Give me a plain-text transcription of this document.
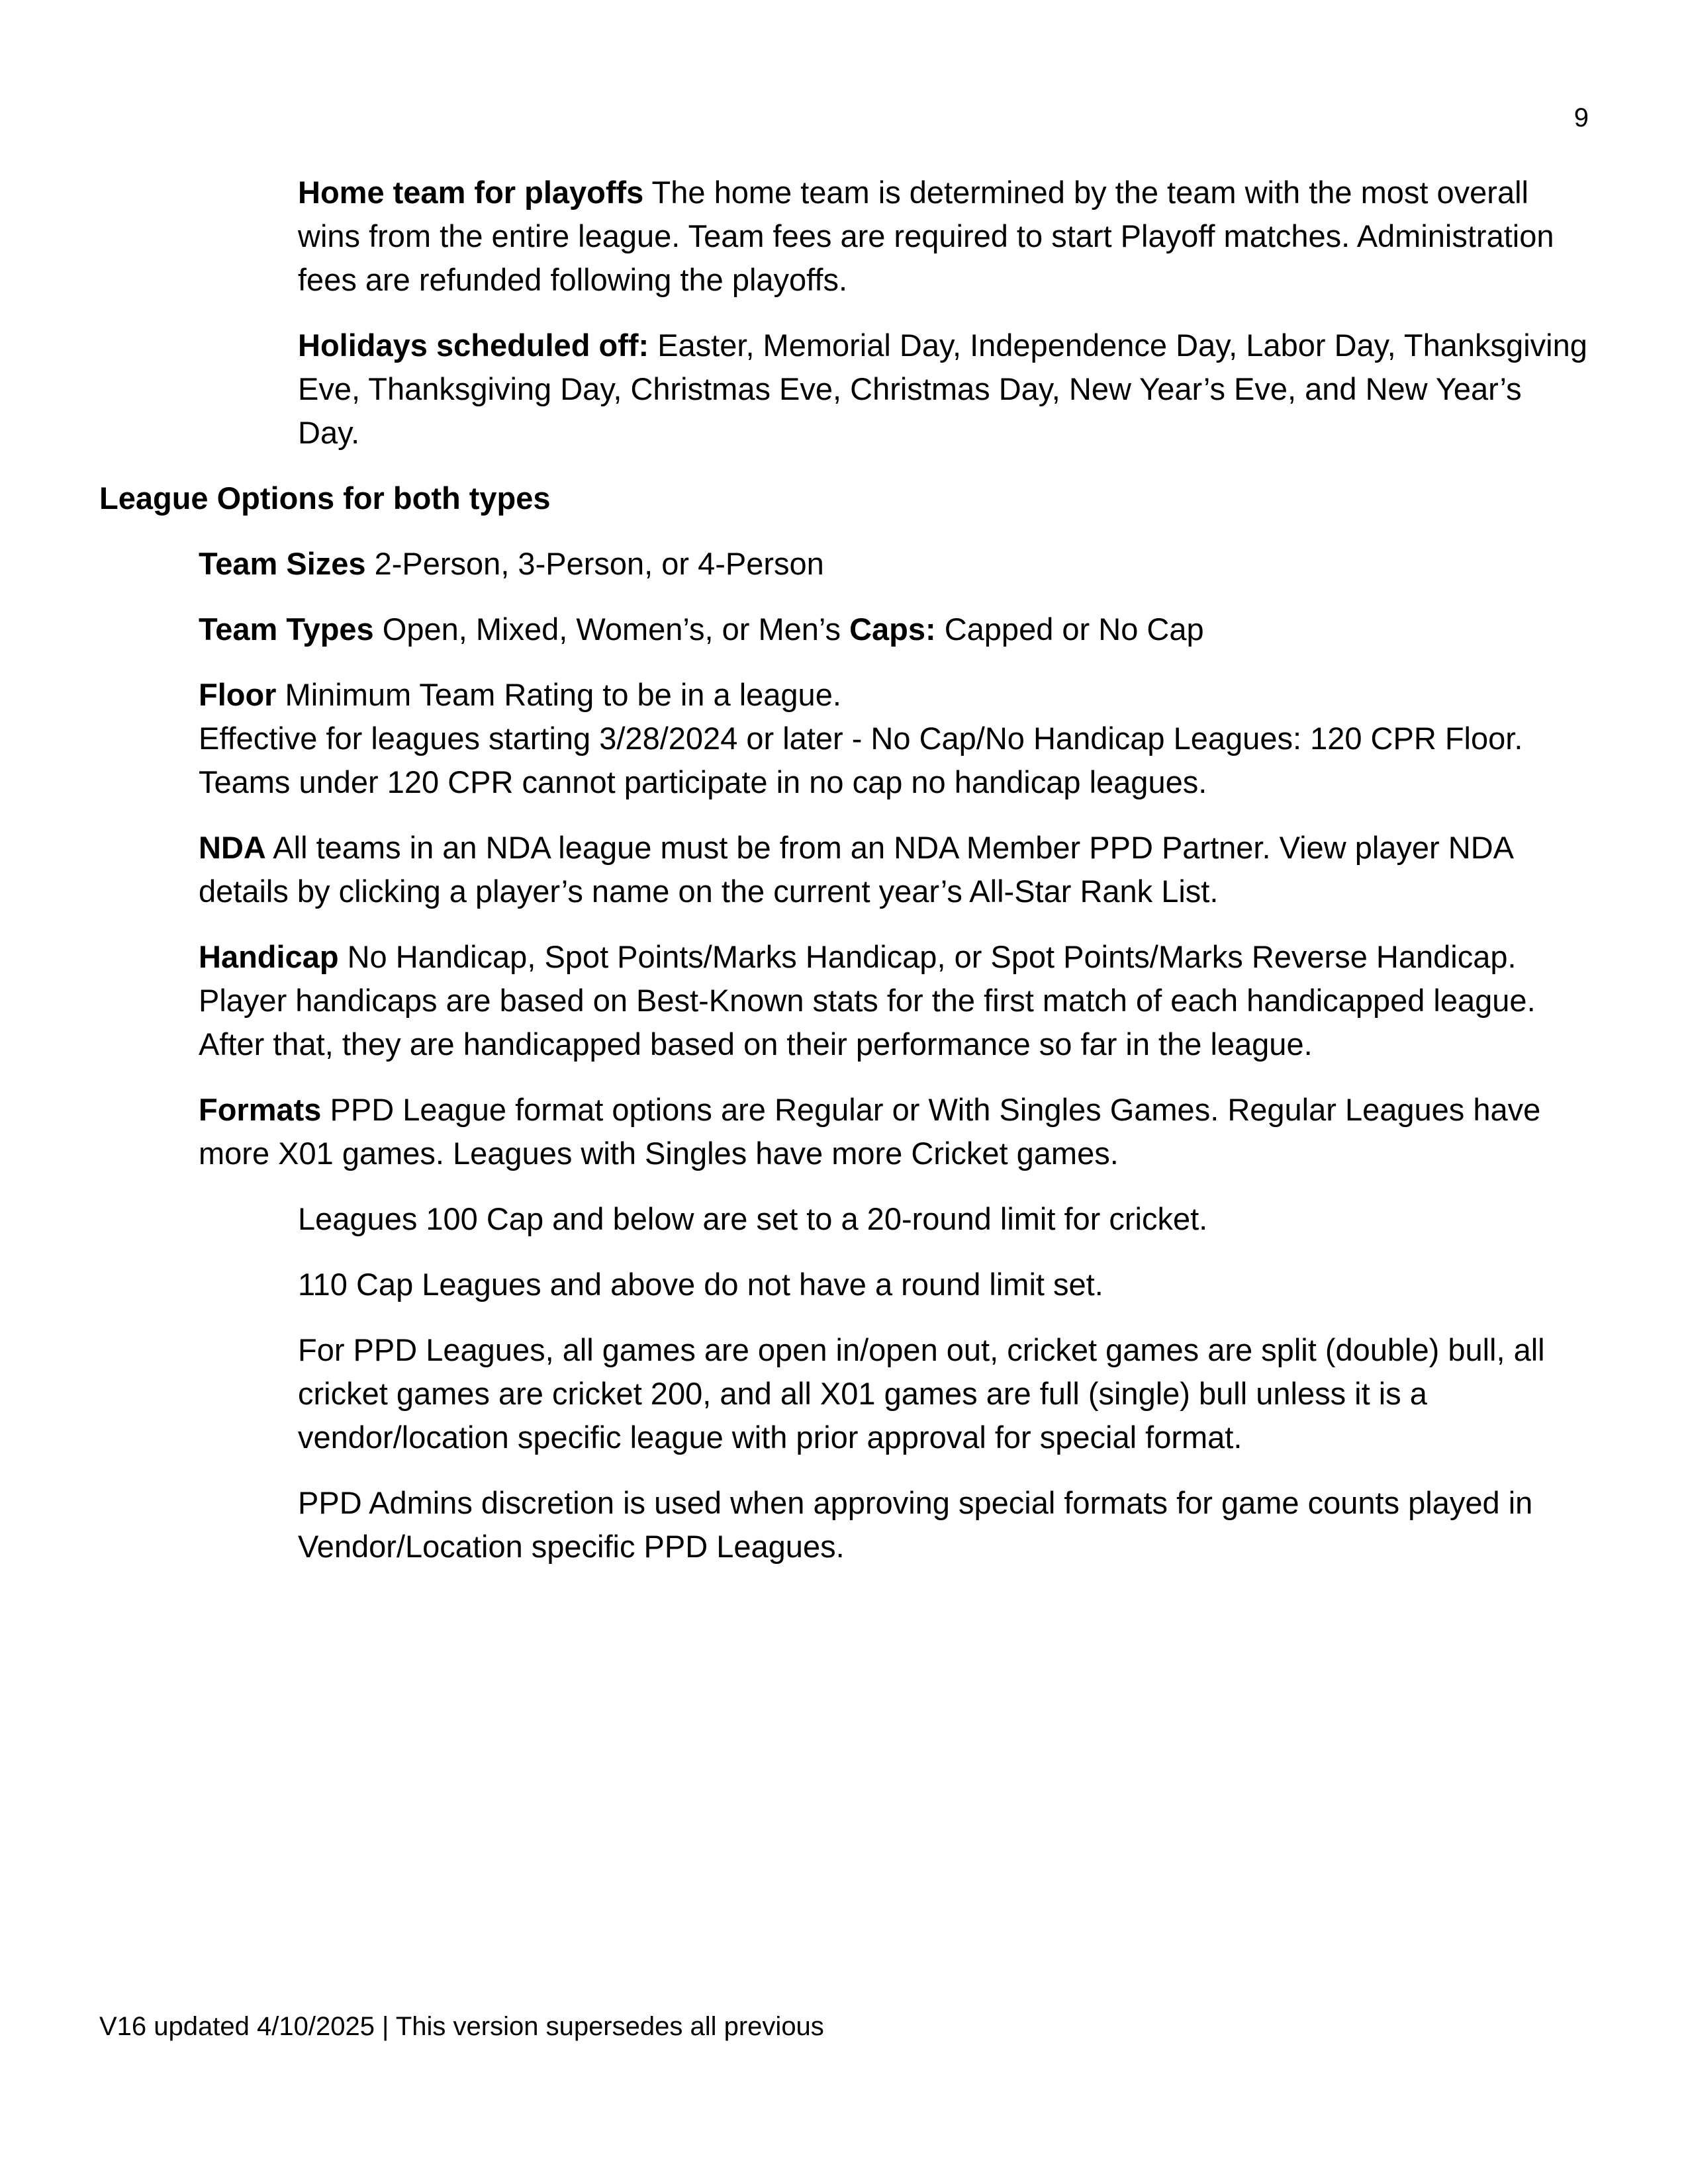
9

Home team for playoffs The home team is determined by the team with the most overall wins from the entire league. Team fees are required to start Playoff matches. Administration fees are refunded following the playoffs.

Holidays scheduled off: Easter, Memorial Day, Independence Day, Labor Day, Thanksgiving Eve, Thanksgiving Day, Christmas Eve, Christmas Day, New Year’s Eve, and New Year’s Day.

League Options for both types

Team Sizes 2-Person, 3-Person, or 4-Person

Team Types Open, Mixed, Women’s, or Men’s Caps: Capped or No Cap

Floor Minimum Team Rating to be in a league.
Effective for leagues starting 3/28/2024 or later - No Cap/No Handicap Leagues: 120 CPR Floor. Teams under 120 CPR cannot participate in no cap no handicap leagues.

NDA All teams in an NDA league must be from an NDA Member PPD Partner. View player NDA details by clicking a player’s name on the current year’s All-Star Rank List.

Handicap No Handicap, Spot Points/Marks Handicap, or Spot Points/Marks Reverse Handicap. Player handicaps are based on Best-Known stats for the first match of each handicapped league. After that, they are handicapped based on their performance so far in the league.

Formats PPD League format options are Regular or With Singles Games. Regular Leagues have more X01 games. Leagues with Singles have more Cricket games.

Leagues 100 Cap and below are set to a 20-round limit for cricket.

110 Cap Leagues and above do not have a round limit set.

For PPD Leagues, all games are open in/open out, cricket games are split (double) bull, all cricket games are cricket 200, and all X01 games are full (single) bull unless it is a vendor/location specific league with prior approval for special format.

PPD Admins discretion is used when approving special formats for game counts played in Vendor/Location specific PPD Leagues.

V16 updated 4/10/2025 | This version supersedes all previous
